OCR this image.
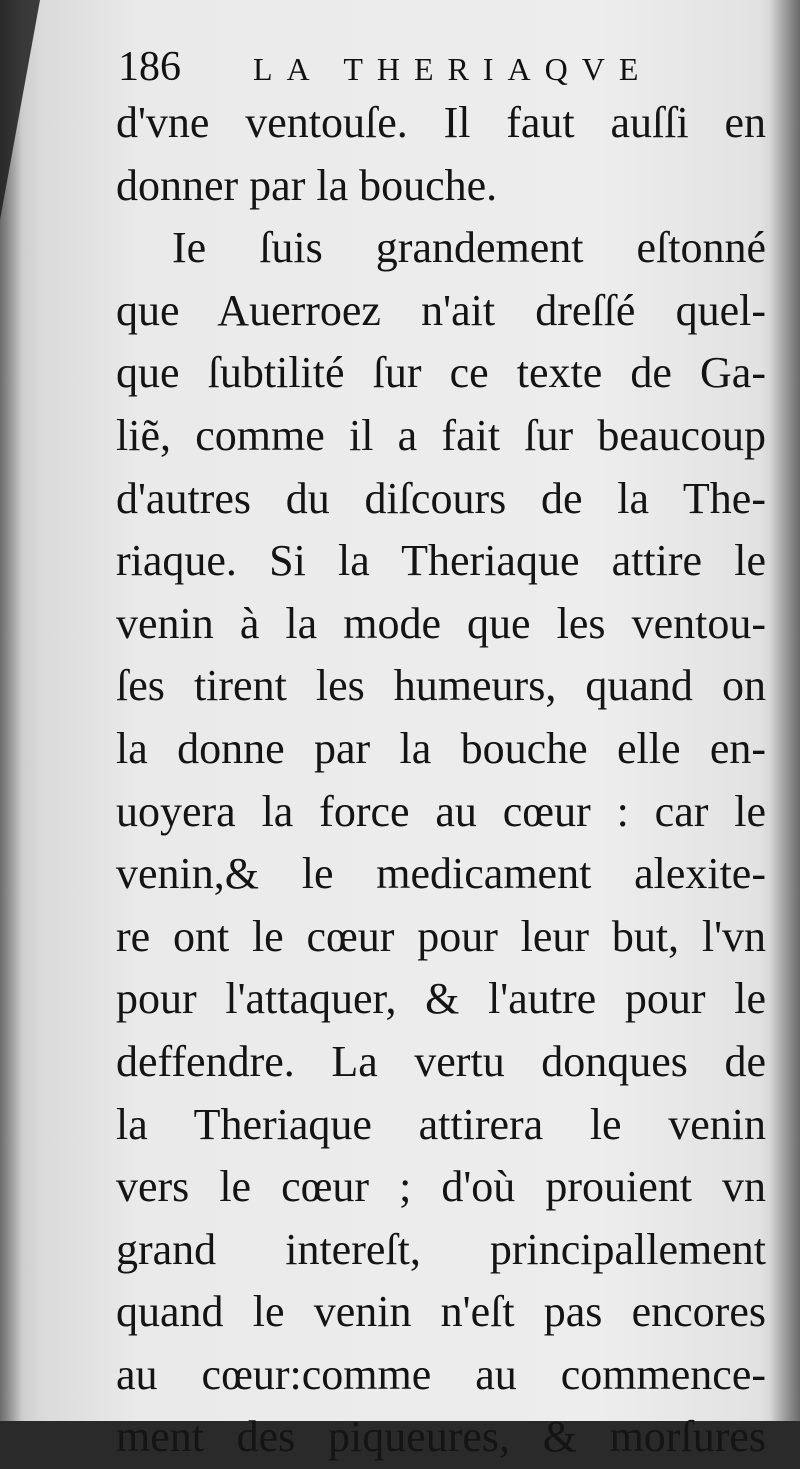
186 LA THERIAQVE
d'vne ventouſe. Il faut auſſi en
donner par la bouche.
Ie ſuis grandement eſtonné
que Auerroez n'ait dreſſé quel-
que ſubtilité ſur ce texte de Ga-
liẽ, comme il a fait ſur beaucoup
d'autres du diſcours de la The-
riaque. Si la Theriaque attire le
venin à la mode que les ventou-
ſes tirent les humeurs, quand on
la donne par la bouche elle en-
uoyera la force au cœur : car le
venin,& le medicament alexite-
re ont le cœur pour leur but, l'vn
pour l'attaquer, & l'autre pour le
deffendre. La vertu donques de
la Theriaque attirera le venin
vers le cœur ; d'où prouient vn
grand intereſt, principallement
quand le venin n'eſt pas encores
au cœur:comme au commence-
ment des piqueures, & morſures
